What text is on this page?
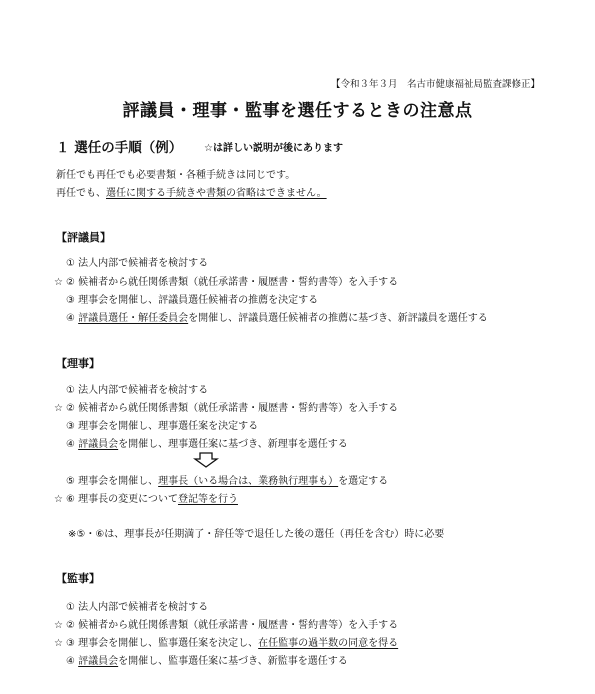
【令和３年３月　名古市健康福祉局監査課修正】
評議員・理事・監事を選任するときの注意点
１ 選任の手順（例） ☆は詳しい説明が後にあります
新任でも再任でも必要書類・各種手続きは同じです。
再任でも、選任に関する手続きや書類の省略はできません。
【評議員】
① 法人内部で候補者を検討する
☆ ② 候補者から就任関係書類（就任承諾書・履歴書・誓約書等）を入手する
③ 理事会を開催し、評議員選任候補者の推薦を決定する
④ 評議員選任・解任委員会を開催し、評議員選任候補者の推薦に基づき、新評議員を選任する
【理事】
① 法人内部で候補者を検討する
☆ ② 候補者から就任関係書類（就任承諾書・履歴書・誓約書等）を入手する
③ 理事会を開催し、理事選任案を決定する
④ 評議員会を開催し、理事選任案に基づき、新理事を選任する
⑤ 理事会を開催し、理事長（いる場合は、業務執行理事も）を選定する
☆ ⑥ 理事長の変更について登記等を行う
※⑤・⑥は、理事長が任期満了・辞任等で退任した後の選任（再任を含む）時に必要
【監事】
① 法人内部で候補者を検討する
☆ ② 候補者から就任関係書類（就任承諾書・履歴書・誓約書等）を入手する
☆ ③ 理事会を開催し、監事選任案を決定し、在任監事の過半数の同意を得る
④ 評議員会を開催し、監事選任案に基づき、新監事を選任する
